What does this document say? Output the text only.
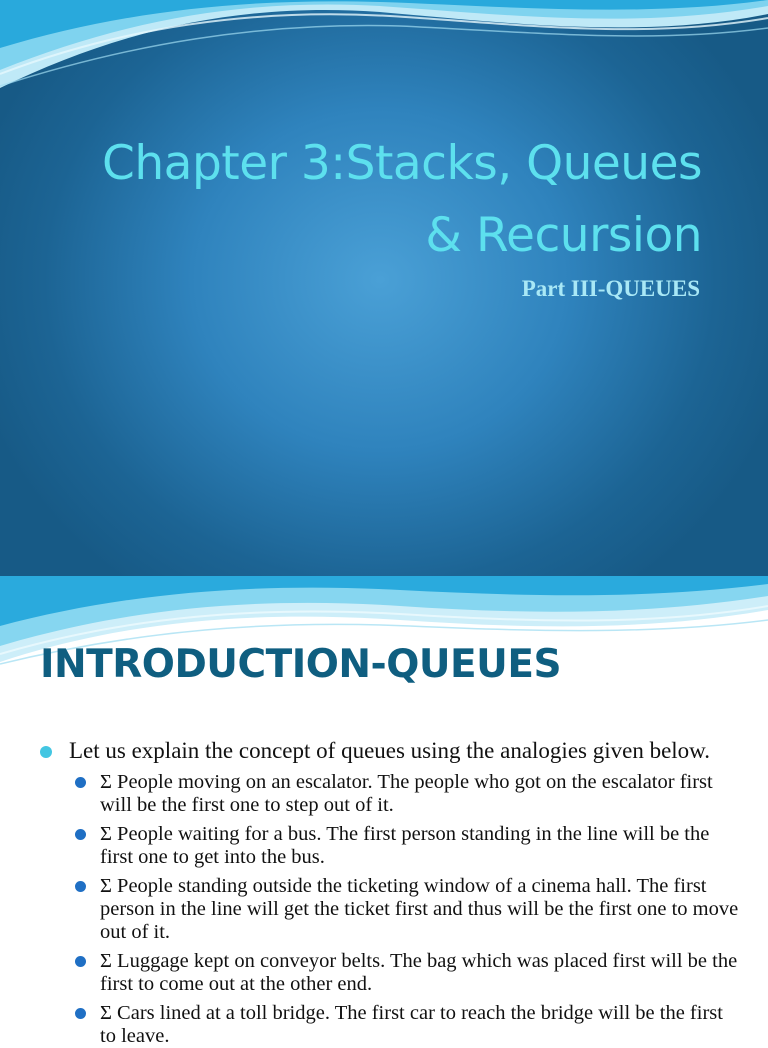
Chapter 3:Stacks, Queues
& Recursion
Part III-QUEUES
INTRODUCTION-QUEUES
Let us explain the concept of queues using the analogies given below.
Σ People moving on an escalator. The people who got on the escalator first will be the first one to step out of it.
Σ People waiting for a bus. The first person standing in the line will be the first one to get into the bus.
Σ People standing outside the ticketing window of a cinema hall. The first person in the line will get the ticket first and thus will be the first one to move out of it.
Σ Luggage kept on conveyor belts. The bag which was placed first will be the first to come out at the other end.
Σ Cars lined at a toll bridge. The first car to reach the bridge will be the first to leave.
